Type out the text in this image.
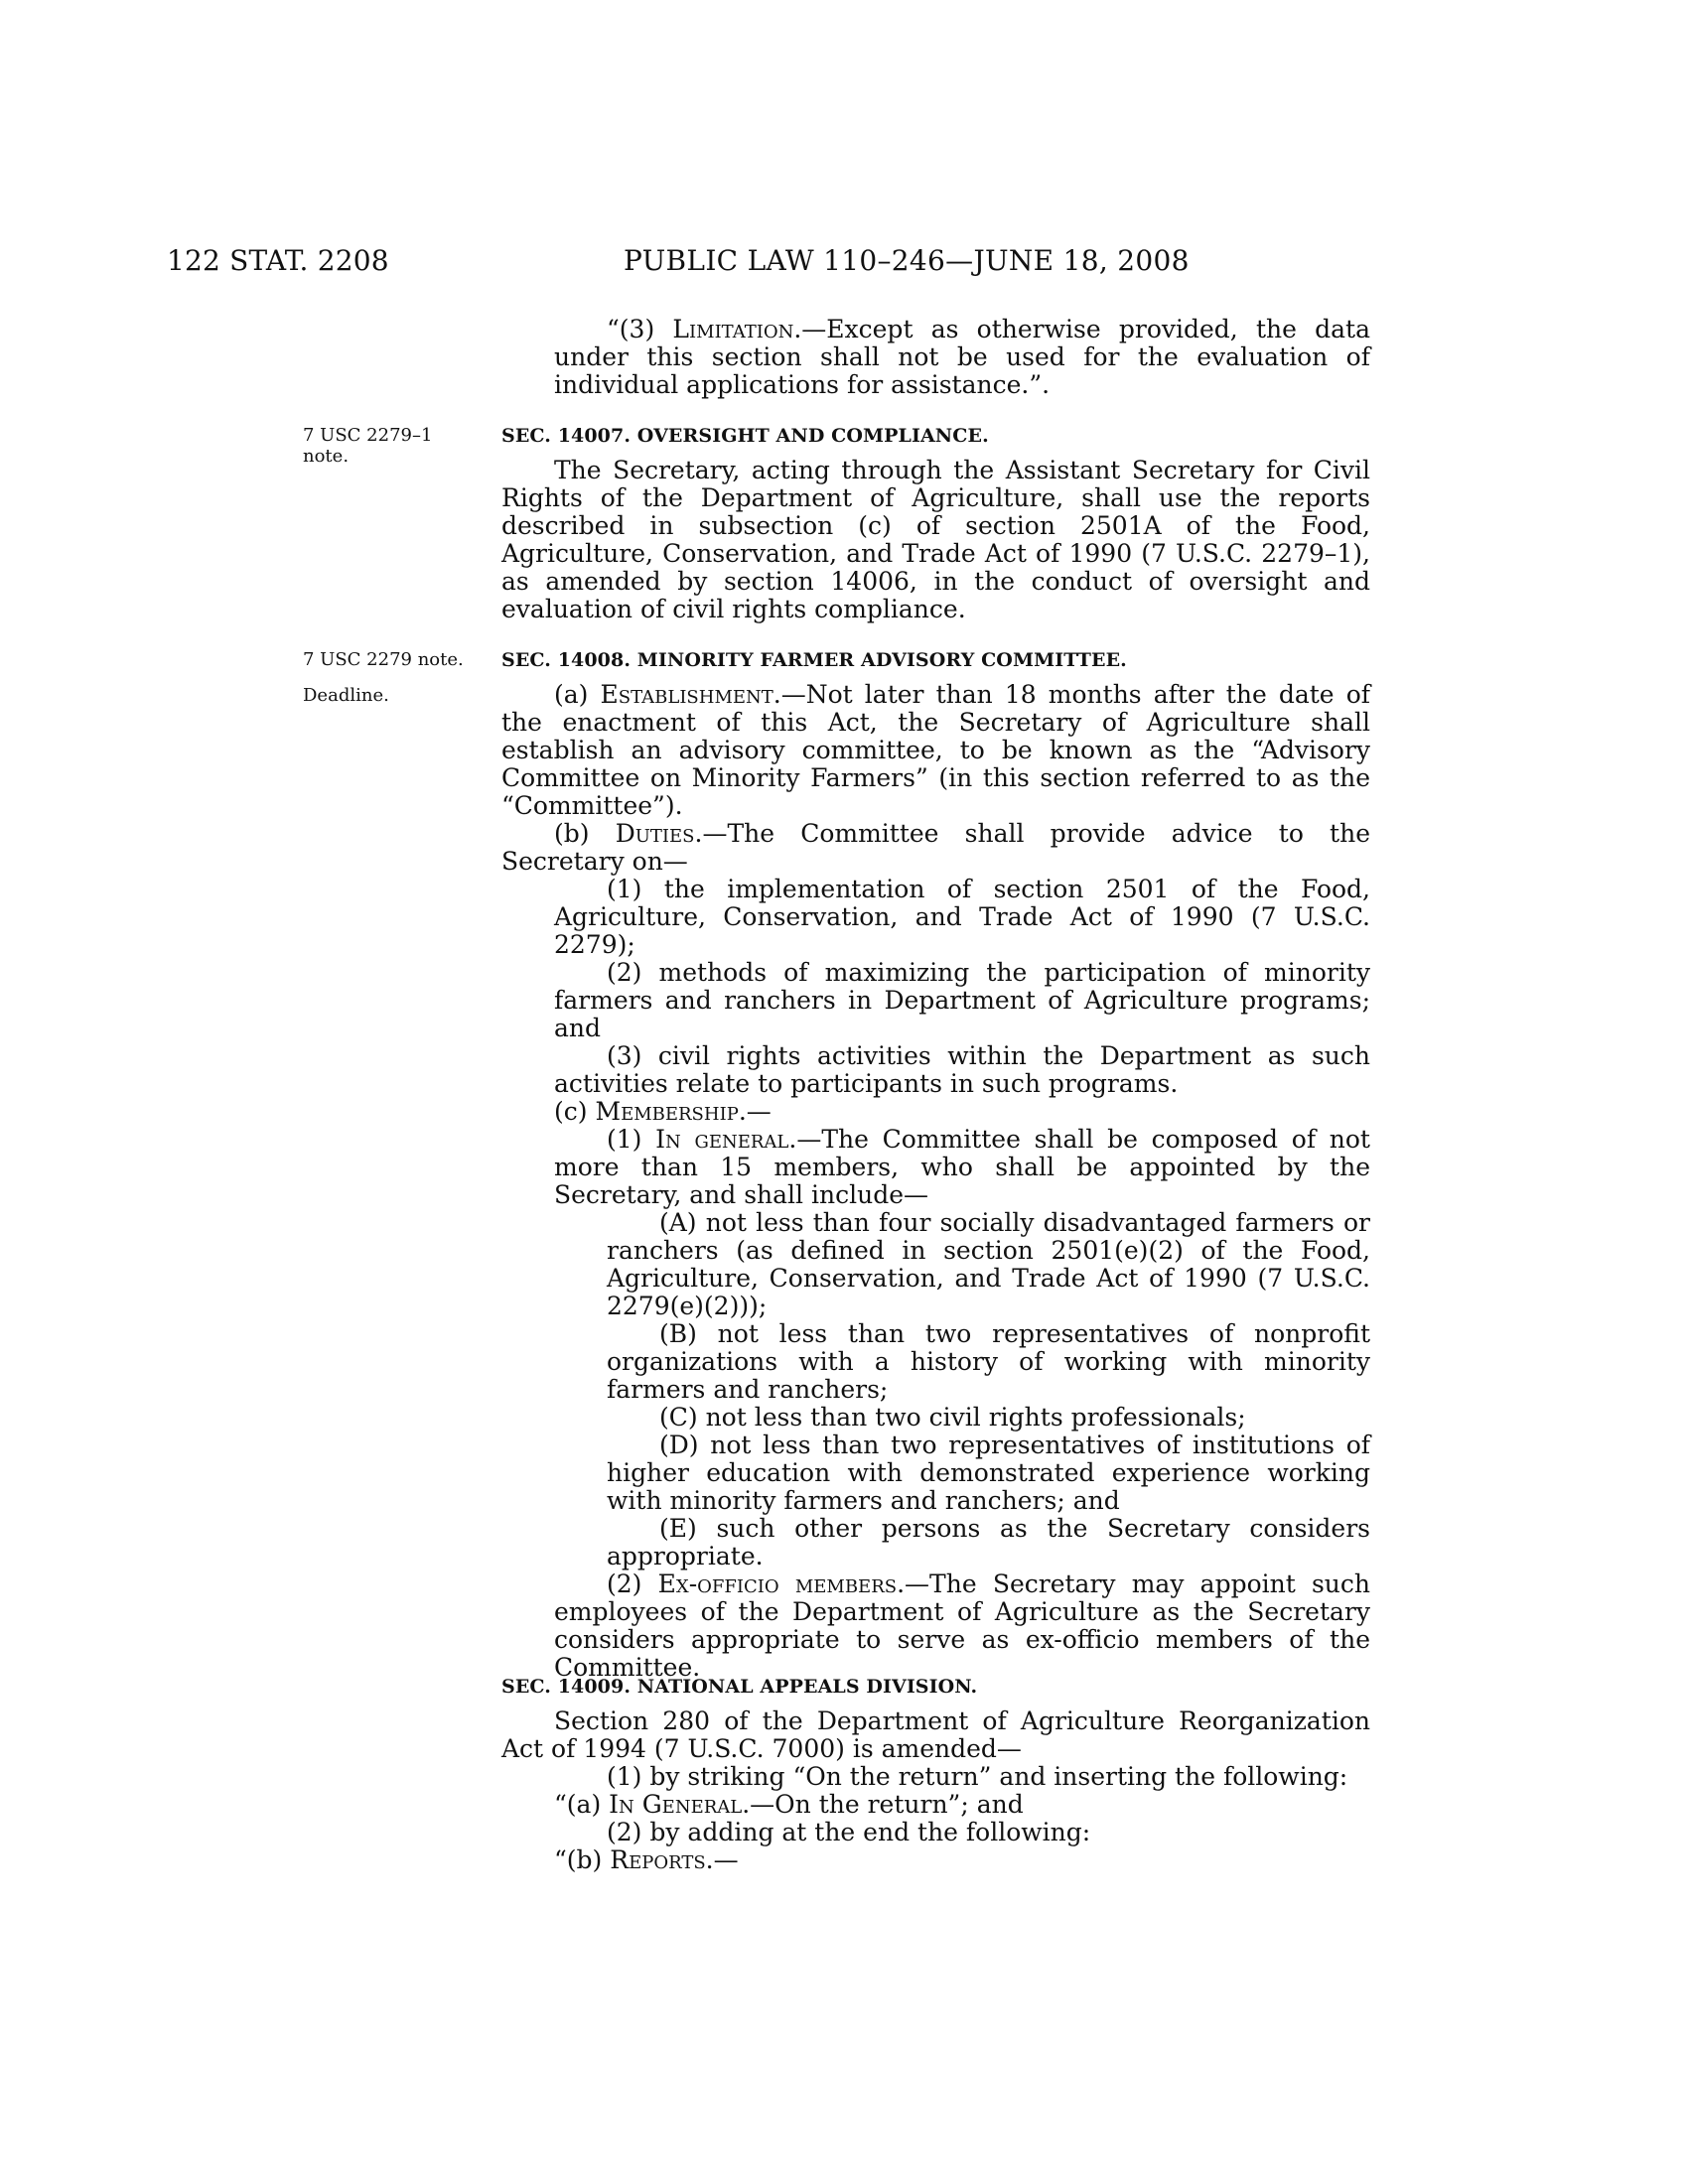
122 STAT. 2208	PUBLIC LAW 110–246—JUNE 18, 2008

“(3) Limitation.—Except as otherwise provided, the data under this section shall not be used for the evaluation of individual applications for assistance.”.

7 USC 2279–1 note.
SEC. 14007. OVERSIGHT AND COMPLIANCE.

The Secretary, acting through the Assistant Secretary for Civil Rights of the Department of Agriculture, shall use the reports described in subsection (c) of section 2501A of the Food, Agriculture, Conservation, and Trade Act of 1990 (7 U.S.C. 2279–1), as amended by section 14006, in the conduct of oversight and evaluation of civil rights compliance.

7 USC 2279 note.	SEC. 14008. MINORITY FARMER ADVISORY COMMITTEE.
Deadline.	(a) Establishment.—Not later than 18 months after the date of the enactment of this Act, the Secretary of Agriculture shall establish an advisory committee, to be known as the “Advisory Committee on Minority Farmers” (in this section referred to as the “Committee”).

(b) Duties.—The Committee shall provide advice to the Secretary on—

(1) the implementation of section 2501 of the Food, Agriculture, Conservation, and Trade Act of 1990 (7 U.S.C. 2279);

(2) methods of maximizing the participation of minority farmers and ranchers in Department of Agriculture programs; and

(3) civil rights activities within the Department as such activities relate to participants in such programs.

(c) Membership.—

(1) In general.—The Committee shall be composed of not more than 15 members, who shall be appointed by the Secretary, and shall include—

(A) not less than four socially disadvantaged farmers or ranchers (as defined in section 2501(e)(2) of the Food, Agriculture, Conservation, and Trade Act of 1990 (7 U.S.C. 2279(e)(2)));

(B) not less than two representatives of nonprofit organizations with a history of working with minority farmers and ranchers;

(C) not less than two civil rights professionals;

(D) not less than two representatives of institutions of higher education with demonstrated experience working with minority farmers and ranchers; and

(E) such other persons as the Secretary considers appropriate.

(2) Ex-officio members.—The Secretary may appoint such employees of the Department of Agriculture as the Secretary considers appropriate to serve as ex-officio members of the Committee.

SEC. 14009. NATIONAL APPEALS DIVISION.

Section 280 of the Department of Agriculture Reorganization Act of 1994 (7 U.S.C. 7000) is amended—

(1) by striking “On the return” and inserting the following:

“(a) In General.—On the return”; and

(2) by adding at the end the following:

“(b) Reports.—
